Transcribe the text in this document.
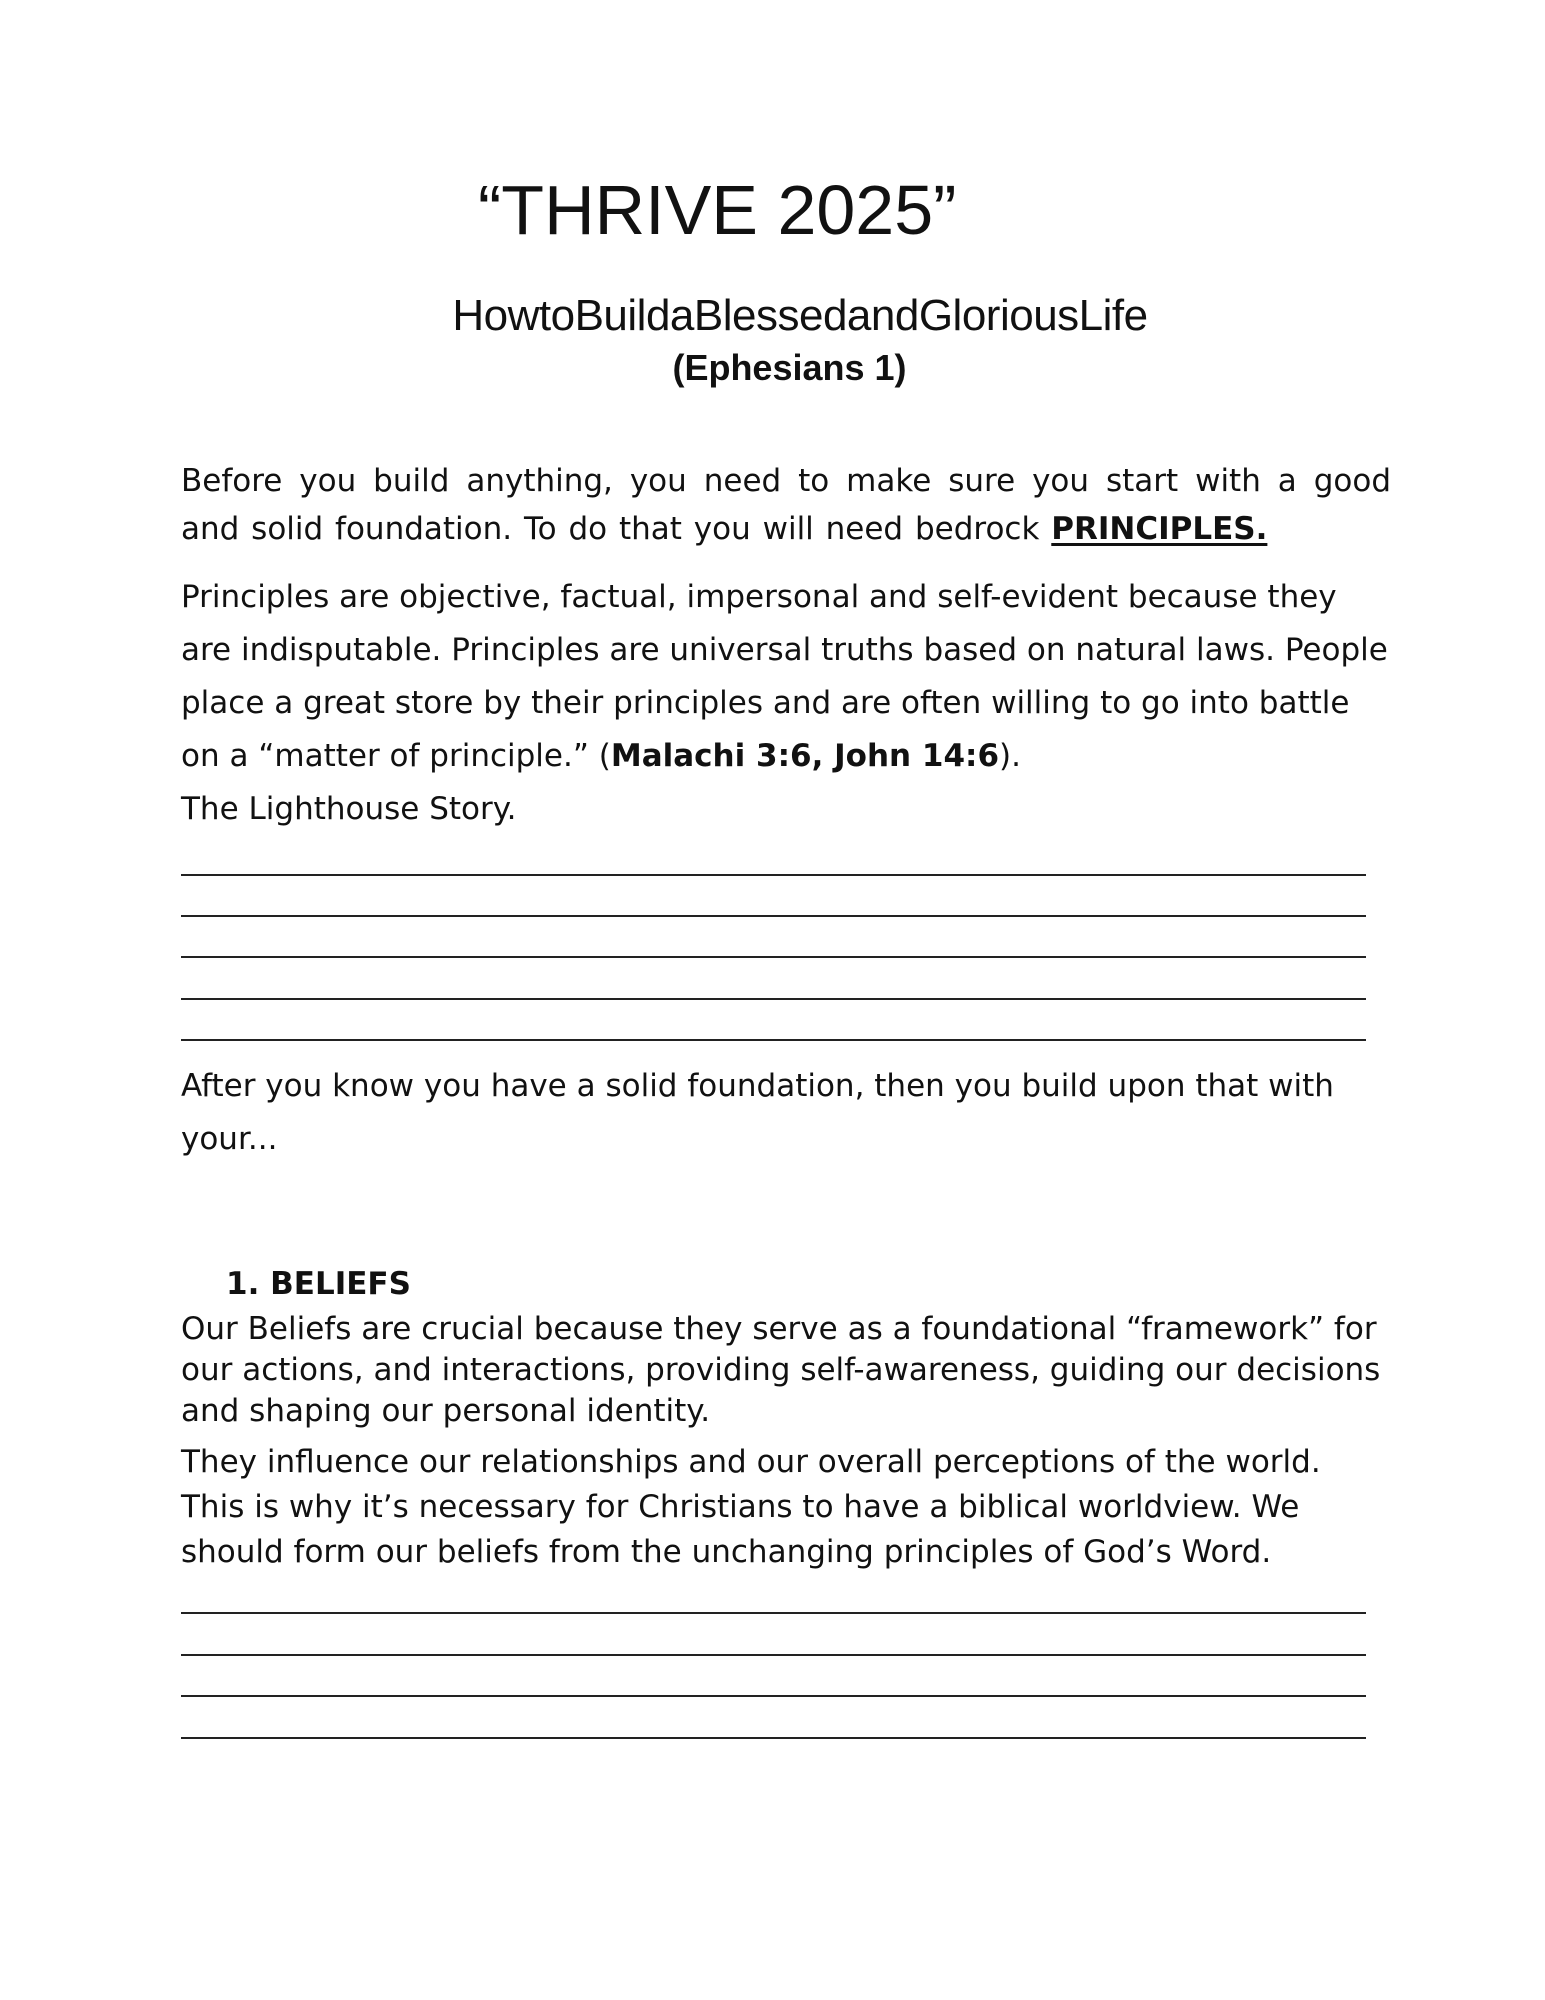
“THRIVE 2025”
HowtoBuildaBlessedandGloriousLife
(Ephesians 1)

Before you build anything, you need to make sure you start with a good and solid foundation. To do that you will need bedrock PRINCIPLES.

Principles are objective, factual, impersonal and self-evident because they are indisputable. Principles are universal truths based on natural laws. People place a great store by their principles and are often willing to go into battle on a “matter of principle.” (Malachi 3:6, John 14:6).
The Lighthouse Story.

After you know you have a solid foundation, then you build upon that with your...

1. BELIEFS

Our Beliefs are crucial because they serve as a foundational “framework” for our actions, and interactions, providing self-awareness, guiding our decisions and shaping our personal identity.

They influence our relationships and our overall perceptions of the world. This is why it’s necessary for Christians to have a biblical worldview. We should form our beliefs from the unchanging principles of God’s Word.
